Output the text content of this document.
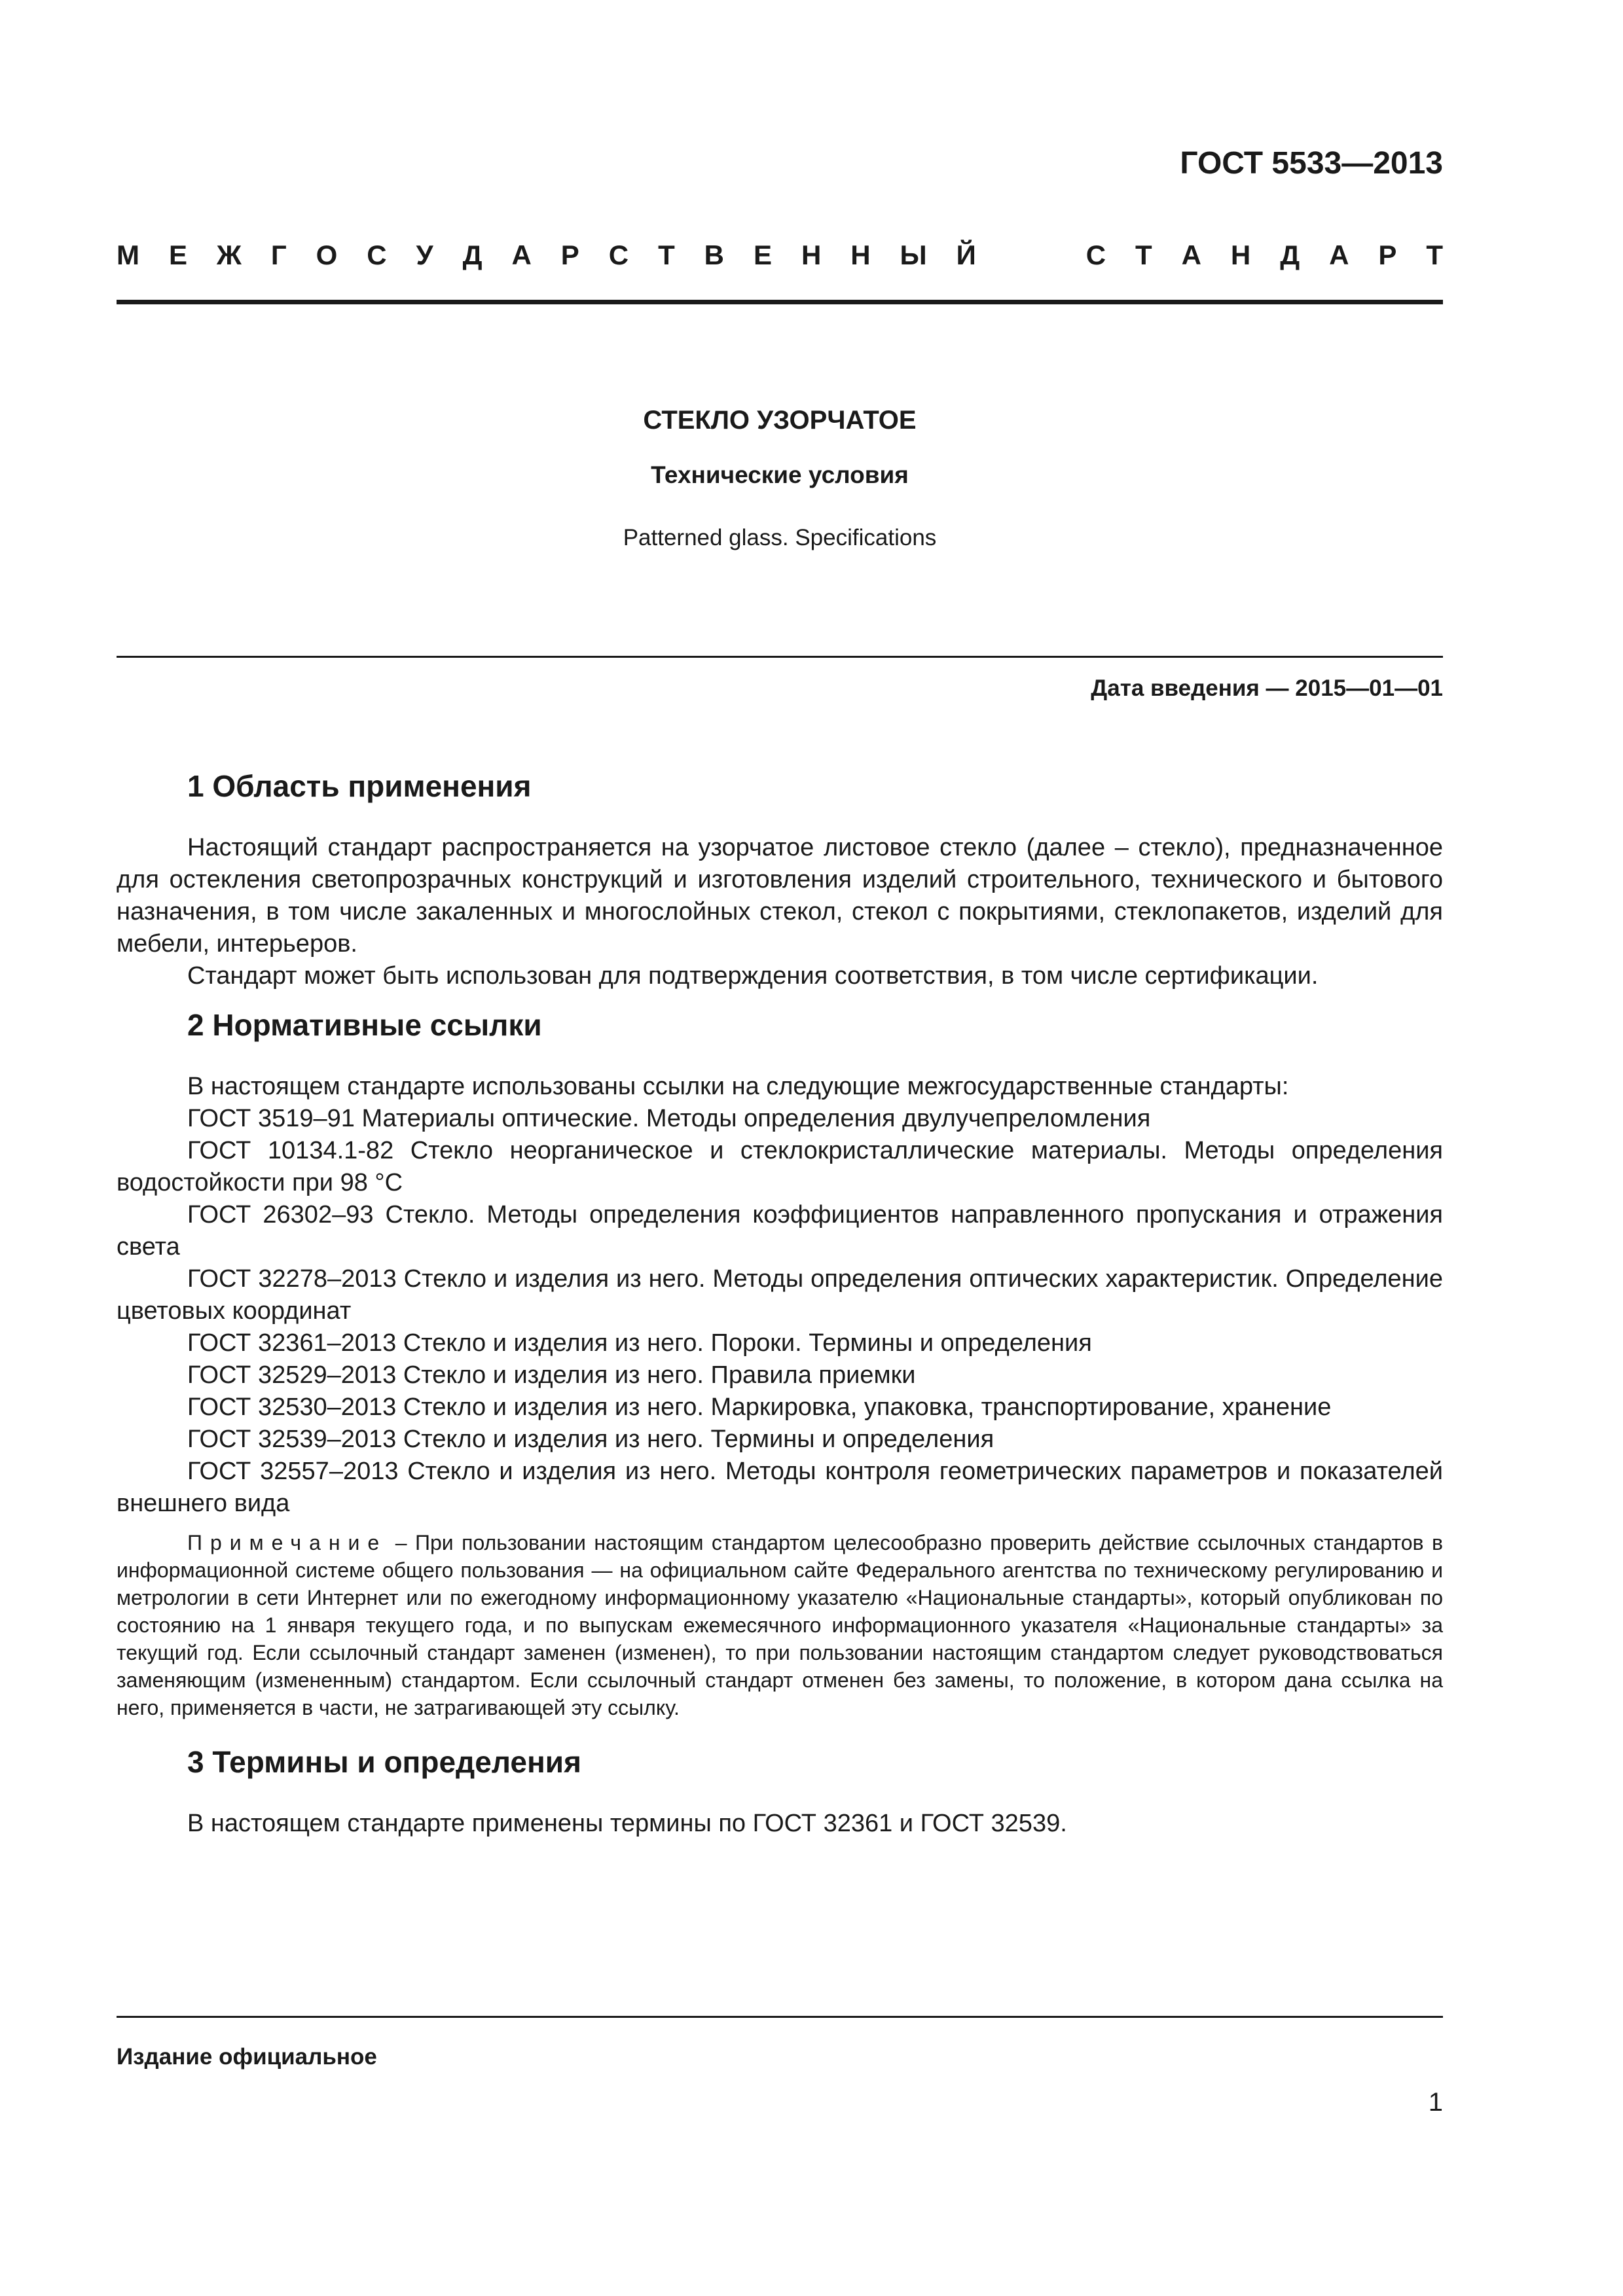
ГОСТ 5533—2013
М Е Ж Г О С У Д А Р С Т В Е Н Н Ы Й	С Т А Н Д А Р Т
СТЕКЛО УЗОРЧАТОЕ
Технические условия
Patterned glass. Specifications
Дата введения — 2015—01—01
1 Область применения

Настоящий стандарт распространяется на узорчатое листовое стекло (далее – стекло), предназначенное для остекления светопрозрачных конструкций и изготовления изделий строительного, технического и бытового назначения, в том числе закаленных и многослойных стекол, стекол с покрытиями, стеклопакетов, изделий для мебели, интерьеров.

Стандарт может быть использован для подтверждения соответствия, в том числе сертификации.

2 Нормативные ссылки

В настоящем стандарте использованы ссылки на следующие межгосударственные стандарты:

ГОСТ 3519–91 Материалы оптические. Методы определения двулучепреломления

ГОСТ 10134.1-82 Стекло неорганическое и стеклокристаллические материалы. Методы определения водостойкости при 98 °С

ГОСТ 26302–93 Стекло. Методы определения коэффициентов направленного пропускания и отражения света

ГОСТ 32278–2013 Стекло и изделия из него. Методы определения оптических характеристик. Определение цветовых координат

ГОСТ 32361–2013 Стекло и изделия из него. Пороки. Термины и определения

ГОСТ 32529–2013 Стекло и изделия из него. Правила приемки

ГОСТ 32530–2013 Стекло и изделия из него. Маркировка, упаковка, транспортирование, хранение

ГОСТ 32539–2013 Стекло и изделия из него. Термины и определения

ГОСТ 32557–2013 Стекло и изделия из него. Методы контроля геометрических параметров и показателей внешнего вида

Примечание – При пользовании настоящим стандартом целесообразно проверить действие ссылочных стандартов в информационной системе общего пользования — на официальном сайте Федерального агентства по техническому регулированию и метрологии в сети Интернет или по ежегодному информационному указателю «Национальные стандарты», который опубликован по состоянию на 1 января текущего года, и по выпускам ежемесячного информационного указателя «Национальные стандарты» за текущий год. Если ссылочный стандарт заменен (изменен), то при пользовании настоящим стандартом следует руководствоваться заменяющим (измененным) стандартом. Если ссылочный стандарт отменен без замены, то положение, в котором дана ссылка на него, применяется в части, не затрагивающей эту ссылку.

3 Термины и определения

В настоящем стандарте применены термины по ГОСТ 32361 и ГОСТ 32539.

Издание официальное
1
